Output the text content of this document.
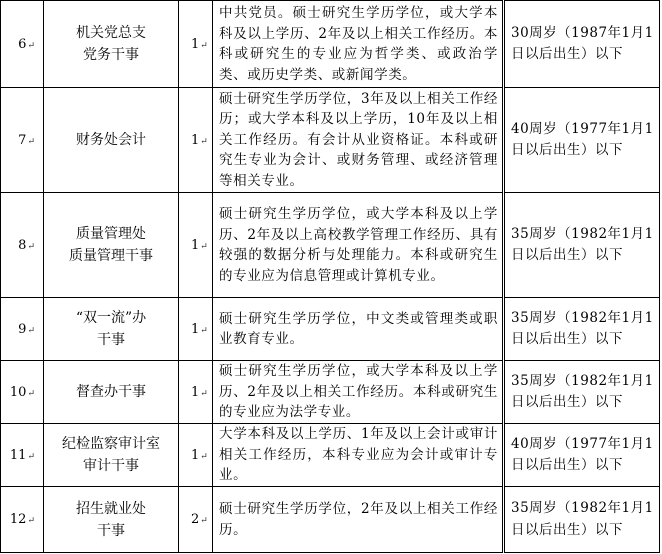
6↵	机关党总支
党务干事	1↵	中共党员。硕士研究生学历学位，或大学本科及以上学历、2年及以上相关工作经历。本科或研究生的专业应为哲学类、或政治学类、或历史学类、或新闻学类。	30周岁（1987年1月1日以后出生）以下
7↵	财务处会计	1↵	硕士研究生学历学位，3年及以上相关工作经历；或大学本科及以上学历，10年及以上相关工作经历。有会计从业资格证。本科或研究生专业为会计、或财务管理、或经济管理等相关专业。	40周岁（1977年1月1日以后出生）以下
8↵	质量管理处
质量管理干事	1↵	硕士研究生学历学位，或大学本科及以上学历、2年及以上高校教学管理工作经历、具有较强的数据分析与处理能力。本科或研究生的专业应为信息管理或计算机专业。	35周岁（1982年1月1日以后出生）以下
9↵	“双一流”办
干事	1↵	硕士研究生学历学位，中文类或管理类或职业教育专业。	35周岁（1982年1月1日以后出生）以下
10↵	督查办干事	1↵	硕士研究生学历学位，或大学本科及以上学历、2年及以上相关工作经历。本科或研究生的专业应为法学专业。	35周岁（1982年1月1日以后出生）以下
11↵	纪检监察审计室
审计干事	1↵	大学本科及以上学历、1年及以上会计或审计相关工作经历，本科专业应为会计或审计专业。	40周岁（1977年1月1日以后出生）以下
12↵	招生就业处
干事	2↵	硕士研究生学历学位，2年及以上相关工作经历。	35周岁（1982年1月1日以后出生）以下
